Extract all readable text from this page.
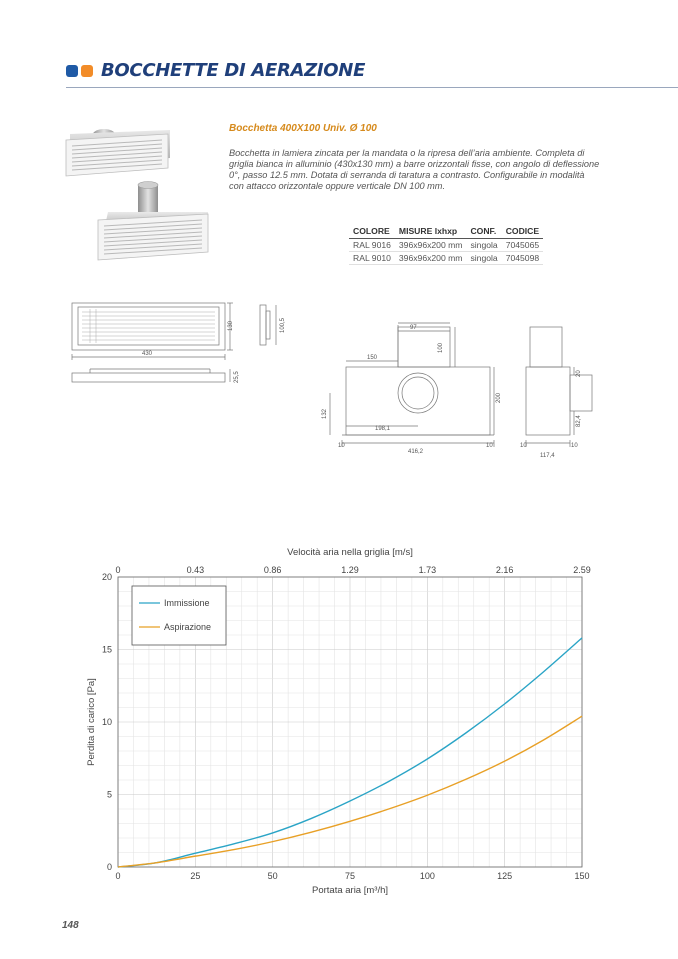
BOCCHETTE DI AERAZIONE
Bocchetta 400X100 Univ. Ø 100
Bocchetta in lamiera zincata per la mandata o la ripresa dell’aria ambiente. Completa di griglia bianca in alluminio (430x130 mm) a barre orizzontali fisse, con angolo di deflessione 0°, passo 12.5 mm. Dotata di serranda di taratura a contrasto. Configurabile in modalità con attacco orizzontale oppure verticale DN 100 mm.
COLORE	MISURE lxhxp	CONF.	CODICE
RAL 9016	396x96x200 mm	singola	7045065
RAL 9010	396x96x200 mm	singola	7045098
430
130	100,5
25,5
97
100
150
200
132
198,1
416,2
10	10
117,4
20
82,4
10	10
0	25	50	75	100	125	150
0
5
10
15
20
0	0.43	0.86	1.29	1.73	2.16	2.59
Velocità aria nella griglia [m/s]
Portata aria [m³/h]
Perdita di carico [Pa]
Immissione
Aspirazione
148
